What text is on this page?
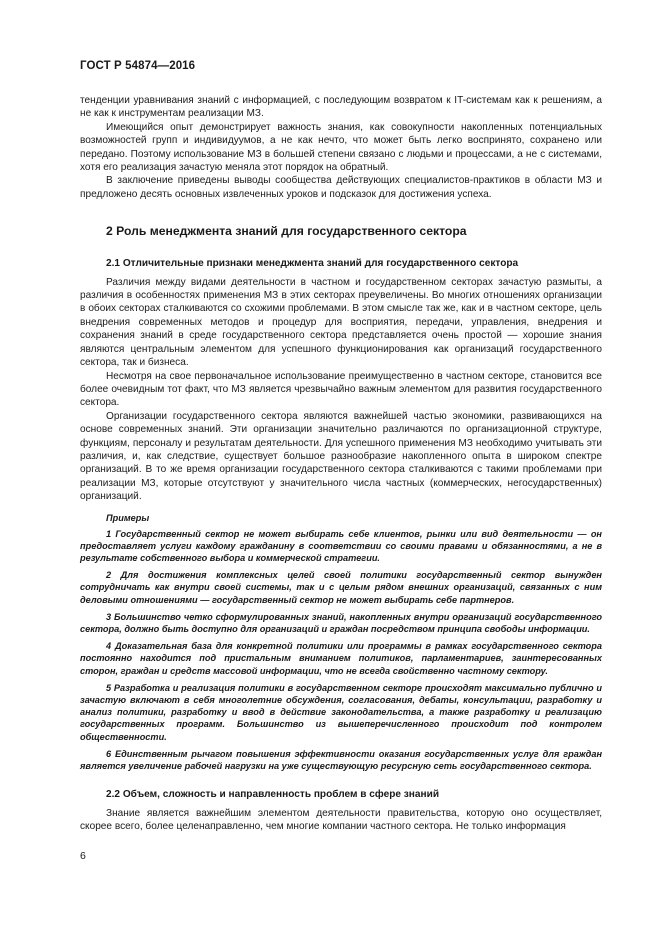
ГОСТ Р 54874—2016

тенденции уравнивания знаний с информацией, с последующим возвратом к IT-системам как к решениям, а не как к инструментам реализации МЗ.

Имеющийся опыт демонстрирует важность знания, как совокупности накопленных потенциальных возможностей групп и индивидуумов, а не как нечто, что может быть легко воспринято, сохранено или передано. Поэтому использование МЗ в большей степени связано с людьми и процессами, а не с системами, хотя его реализация зачастую меняла этот порядок на обратный.

В заключение приведены выводы сообщества действующих специалистов-практиков в области МЗ и предложено десять основных извлеченных уроков и подсказок для достижения успеха.

2 Роль менеджмента знаний для государственного сектора
2.1 Отличительные признаки менеджмента знаний для государственного сектора

Различия между видами деятельности в частном и государственном секторах зачастую размыты, а различия в особенностях применения МЗ в этих секторах преувеличены. Во многих отношениях организации в обоих секторах сталкиваются со схожими проблемами. В этом смысле так же, как и в частном секторе, цель внедрения современных методов и процедур для восприятия, передачи, управления, внедрения и сохранения знаний в среде государственного сектора представляется очень простой — хорошие знания являются центральным элементом для успешного функционирования как организаций государственного сектора, так и бизнеса.

Несмотря на свое первоначальное использование преимущественно в частном секторе, становится все более очевидным тот факт, что МЗ является чрезвычайно важным элементом для развития государственного сектора.

Организации государственного сектора являются важнейшей частью экономики, развивающихся на основе современных знаний. Эти организации значительно различаются по организационной структуре, функциям, персоналу и результатам деятельности. Для успешного применения МЗ необходимо учитывать эти различия, и, как следствие, существует большое разнообразие накопленного опыта в широком спектре организаций. В то же время организации государственного сектора сталкиваются с такими проблемами при реализации МЗ, которые отсутствуют у значительного числа частных (коммерческих, негосударственных) организаций.

Примеры

1 Государственный сектор не может выбирать себе клиентов, рынки или вид деятельности — он предоставляет услуги каждому гражданину в соответствии со своими правами и обязанностями, а не в результате собственного выбора и коммерческой стратегии.

2 Для достижения комплексных целей своей политики государственный сектор вынужден сотрудничать как внутри своей системы, так и с целым рядом внешних организаций, связанных с ним деловыми отношениями — государственный сектор не может выбирать себе партнеров.

3 Большинство четко сформулированных знаний, накопленных внутри организаций государственного сектора, должно быть доступно для организаций и граждан посредством принципа свободы информации.

4 Доказательная база для конкретной политики или программы в рамках государственного сектора постоянно находится под пристальным вниманием политиков, парламентариев, заинтересованных сторон, граждан и средств массовой информации, что не всегда свойственно частному сектору.

5 Разработка и реализация политики в государственном секторе происходят максимально публично и зачастую включают в себя многолетние обсуждения, согласования, дебаты, консультации, разработку и анализ политики, разработку и ввод в действие законодательства, а также разработку и реализацию государственных программ. Большинство из вышеперечисленного происходит под контролем общественности.

6 Единственным рычагом повышения эффективности оказания государственных услуг для граждан является увеличение рабочей нагрузки на уже существующую ресурсную сеть государственного сектора.

2.2 Объем, сложность и направленность проблем в сфере знаний

Знание является важнейшим элементом деятельности правительства, которую оно осуществляет, скорее всего, более целенаправленно, чем многие компании частного сектора. Не только информация

6
